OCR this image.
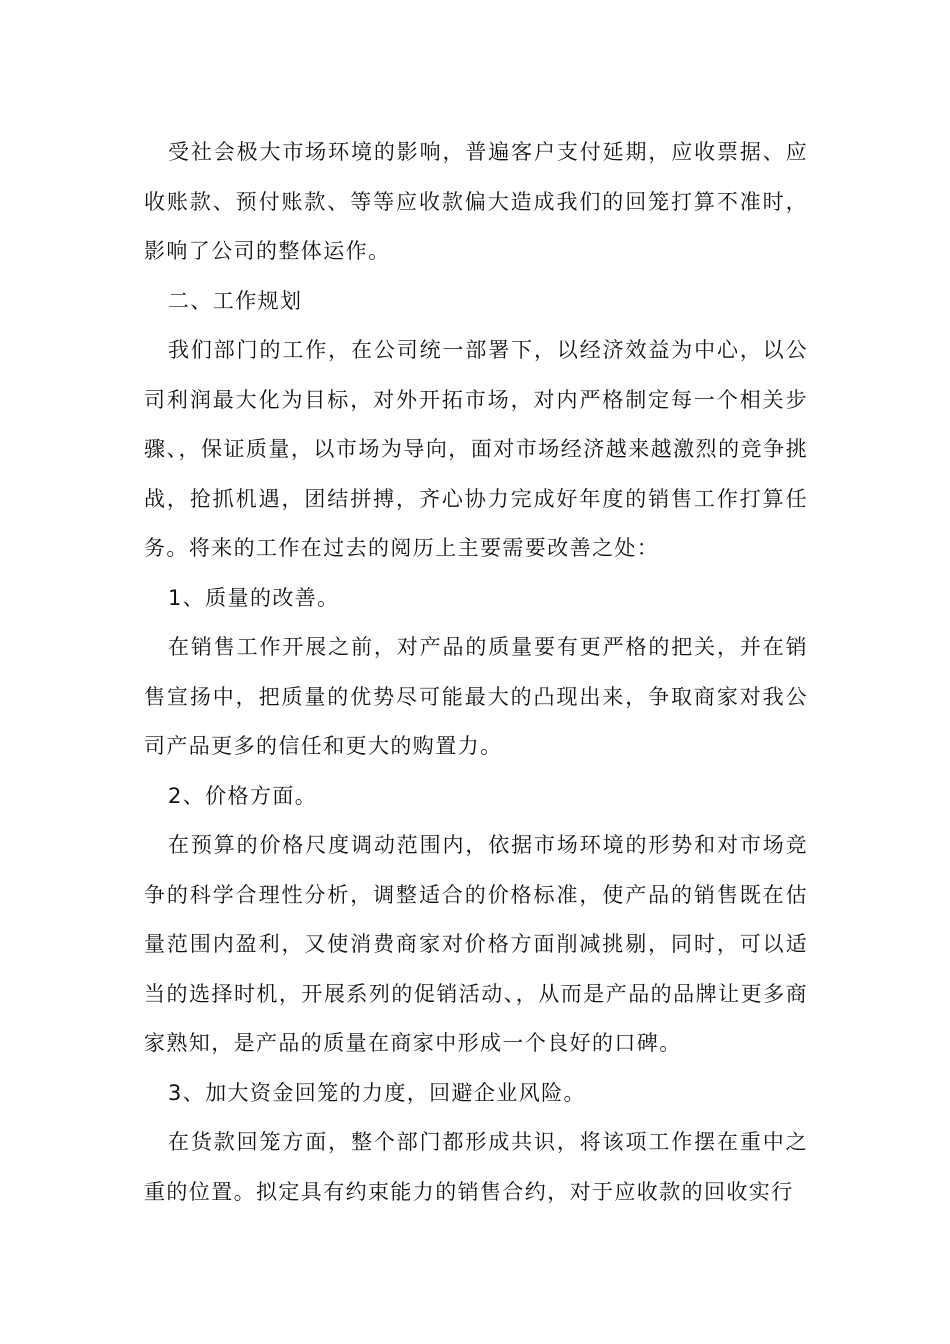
受社会极大市场环境的影响，普遍客户支付延期，应收票据、应收账款、预付账款、等等应收款偏大造成我们的回笼打算不准时，影响了公司的整体运作。

二、工作规划

我们部门的工作，在公司统一部署下，以经济效益为中心，以公司利润最大化为目标，对外开拓市场，对内严格制定每一个相关步骤、，保证质量，以市场为导向，面对市场经济越来越激烈的竞争挑战，抢抓机遇，团结拼搏，齐心协力完成好年度的销售工作打算任务。将来的工作在过去的阅历上主要需要改善之处：

1、质量的改善。

在销售工作开展之前，对产品的质量要有更严格的把关，并在销售宣扬中，把质量的优势尽可能最大的凸现出来，争取商家对我公司产品更多的信任和更大的购置力。

2、价格方面。

在预算的价格尺度调动范围内，依据市场环境的形势和对市场竞争的科学合理性分析，调整适合的价格标准，使产品的销售既在估量范围内盈利，又使消费商家对价格方面削减挑剔，同时，可以适当的选择时机，开展系列的促销活动、，从而是产品的品牌让更多商家熟知，是产品的质量在商家中形成一个良好的口碑。

3、加大资金回笼的力度，回避企业风险。

在货款回笼方面，整个部门都形成共识，将该项工作摆在重中之重的位置。拟定具有约束能力的销售合约，对于应收款的回收实行
